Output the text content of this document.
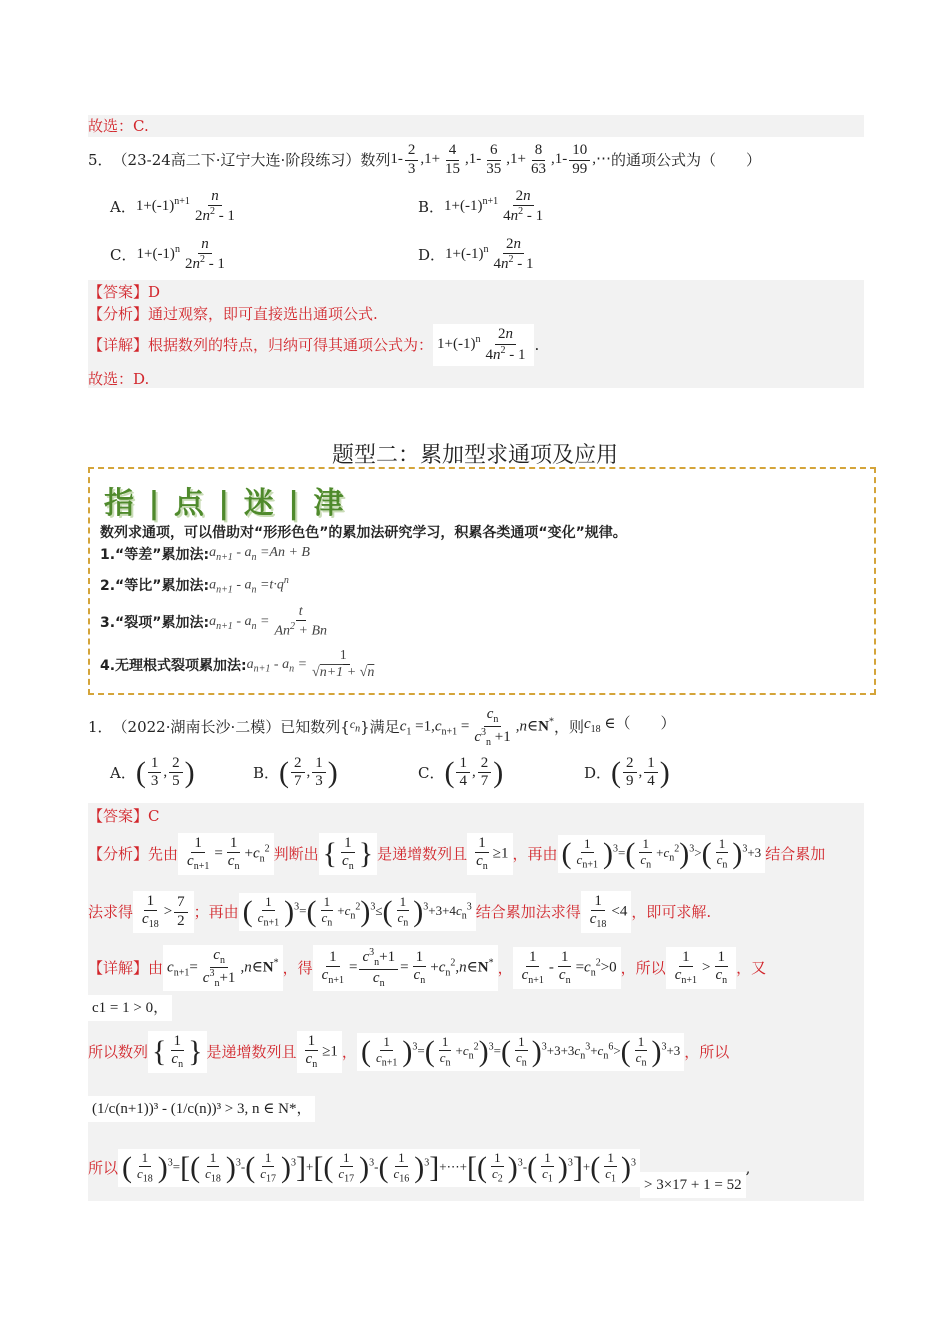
故选：C.
5． （23-24高二下·辽宁大连·阶段练习）数列 $1- \frac{2}{3} ,1+ \frac{4}{15} ,1- \frac{6}{35} ,1+ \frac{8}{63} ,1- \frac{10}{99}$ ,⋯ 的通项公式为（　　）
A． $1+(-1)^{n+1} \frac{n}{2n^2 - 1}$	B． $1+(-1)^{n+1} \frac{2n}{4n^2 - 1}$
C． $1+(-1)^n \frac{n}{2n^2 - 1}$	D． $1+(-1)^n \frac{2n}{4n^2 - 1}$
【答案】D
【分析】通过观察，即可直接选出通项公式.
【详解】根据数列的特点，归纳可得其通项公式为： $1+(-1)^n \frac{2n}{4n^2 - 1}$ .
故选：D.
题型二：累加型求通项及应用
指 | 点 | 迷 | 津
数列求通项，可以借助对“形形色色”的累加法研究学习，积累各类通项“变化”规律。
1.“等差”累加法: $a_{n+1} - a_n =An + B$
2.“等比”累加法: $a_{n+1} - a_n =t\cdot q^n$
3.“裂项”累加法: $a_{n+1} - a_n = \frac{t}{An^2 + Bn}$
4.无理根式裂项累加法: $a_{n+1} - a_n = \frac{1}{√n+1 + √n}$
1． （2022·湖南长沙·二模）已知数列{ $c_n$ }满足 $c_1 =1,c_{n+1} = \frac{c_n}{c^3_n +1}$ ,n∈N* ，则 $c_{18}$ ∈（　　）
A． ( $\frac{1}{3}$ , $\frac{2}{5}$ )	B． ( $\frac{2}{7}$ , $\frac{1}{3}$ )	C． ( $\frac{1}{4}$ , $\frac{2}{7}$ )	D． ( $\frac{2}{9}$ , $\frac{1}{4}$ )
【答案】C
【分析】先由 $\frac{1}{c_{n+1}} = \frac{1}{c_n} +c_n^2$ 判断出 { $\frac{1}{c_n}$ } 是递增数列且 $\frac{1}{c_n} \ge 1$ ，再由 ( $\frac{1}{c_{n+1}} )^3=( \frac{1}{c_n} +c_n^2)^3>( \frac{1}{c_n} )^3+3$ 结合累加
法求得 $\frac{1}{c_{18}} > \frac{7}{2}$ ；再由 ( $\frac{1}{c_{n+1}} )^3=( \frac{1}{c_n} +c_n^2)^3\le( \frac{1}{c_n} )^3+3+4c_n^3$ 结合累加法求得 $\frac{1}{c_{18}} <4$ ，即可求解.
【详解】由 $c_{n+1}= \frac{c_n}{c^3_n+1}$ ,n∈N* ，得 $\frac{1}{c_{n+1}} = \frac{c^3_n+1}{c_n} = \frac{1}{c_n}$ $+c_n^2,n\in N^*$ ， $\frac{1}{c_{n+1}} - \frac{1}{c_n} =c_n^2>0$ ，所以 $\frac{1}{c_{n+1}} > \frac{1}{c_n}$ ，又
c1 = 1 > 0，
所以数列 { $\frac{1}{c_n}$ } 是递增数列且 $\frac{1}{c_n} \ge 1$ ， ( $\frac{1}{c_{n+1}} )^3=( \frac{1}{c_n} +c_n^2)^3=( \frac{1}{c_n} )^3+3+3c_n^3+c_n^6>( \frac{1}{c_n} )^3+3$ ，所以
(1/c(n+1))³ - (1/c(n))³ > 3, n ∈ N*，
所以 ( $\frac{1}{c_{18}} )^3=[( \frac{1}{c_{18}} )^3-( \frac{1}{c_{17}} )^3]+[( \frac{1}{c_{17}} )^3-( \frac{1}{c_{16}}$ )$^3]+\cdots+[( \frac{1}{c_2} )^3-( \frac{1}{c_1} )^3]+( \frac{1}{c_1} )^3$
> 3×17 + 1 = 52
,
